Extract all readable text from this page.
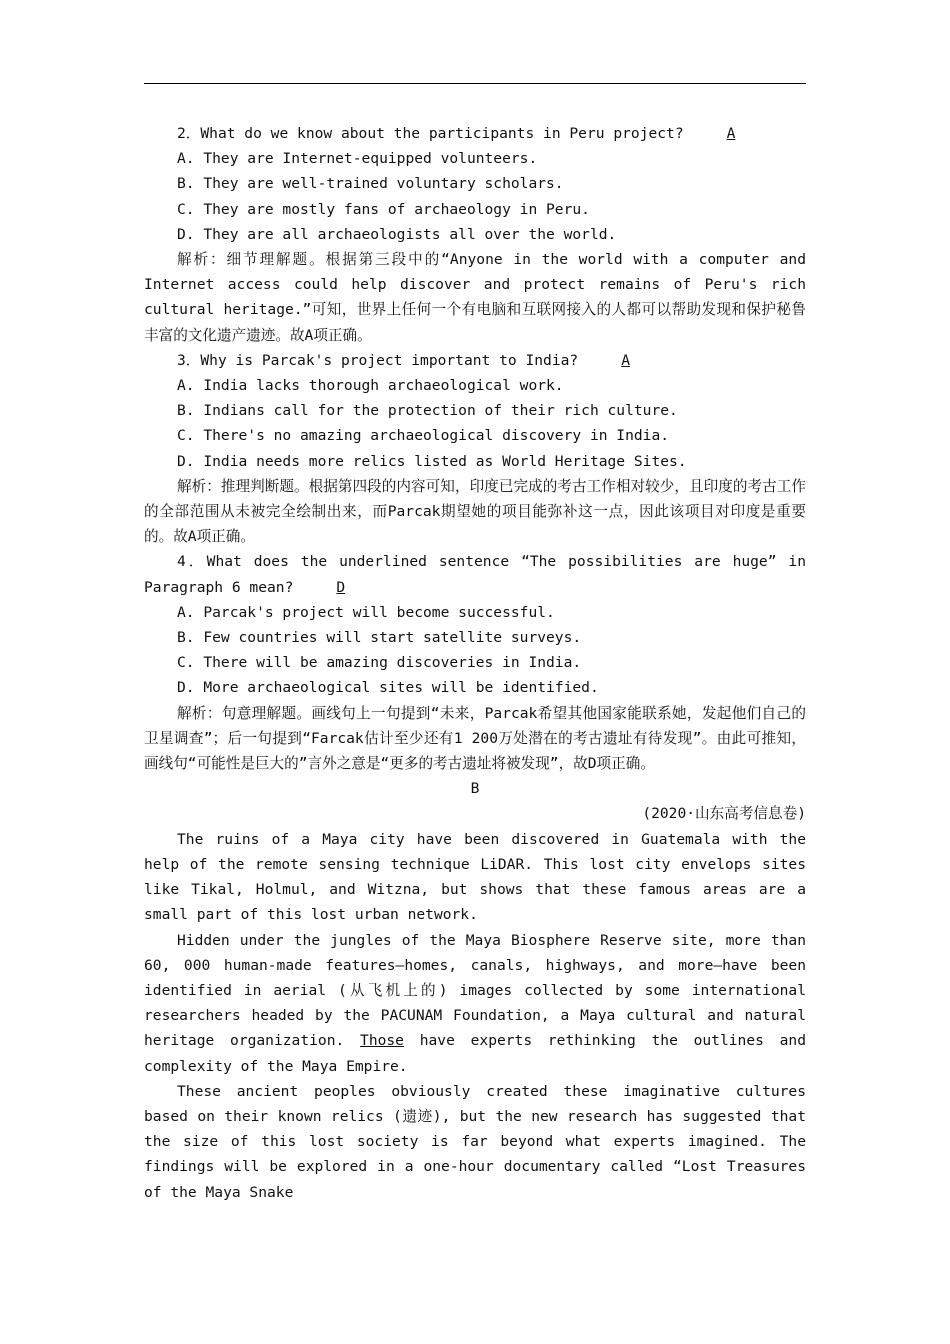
2．What do we know about the participants in Peru project?	A

A. They are Internet-equipped volunteers.

B. They are well-trained voluntary scholars.

C. They are mostly fans of archaeology in Peru.

D. They are all archaeologists all over the world.

解析：细节理解题。根据第三段中的“Anyone in the world with a computer and Internet access could help discover and protect remains of Peru's rich cultural heritage.”可知，世界上任何一个有电脑和互联网接入的人都可以帮助发现和保护秘鲁丰富的文化遗产遗迹。故A项正确。

3．Why is Parcak's project important to India?	A

A. India lacks thorough archaeological work.

B. Indians call for the protection of their rich culture.

C. There's no amazing archaeological discovery in India.

D. India needs more relics listed as World Heritage Sites.

解析：推理判断题。根据第四段的内容可知，印度已完成的考古工作相对较少，且印度的考古工作的全部范围从未被完全绘制出来，而Parcak期望她的项目能弥补这一点，因此该项目对印度是重要的。故A项正确。

4．What does the underlined sentence “The possibilities are huge” in Paragraph 6 mean?	D

A. Parcak's project will become successful.

B. Few countries will start satellite surveys.

C. There will be amazing discoveries in India.

D. More archaeological sites will be identified.

解析：句意理解题。画线句上一句提到“未来，Parcak希望其他国家能联系她，发起他们自己的卫星调查”；后一句提到“Farcak估计至少还有1 200万处潜在的考古遗址有待发现”。由此可推知，画线句“可能性是巨大的”言外之意是“更多的考古遗址将被发现”，故D项正确。

B

(2020·山东高考信息卷)

The ruins of a Maya city have been discovered in Guatemala with the help of the remote sensing technique LiDAR. This lost city envelops sites like Tikal, Holmul, and Witzna, but shows that these famous areas are a small part of this lost urban network.

Hidden under the jungles of the Maya Biosphere Reserve site, more than 60, 000 human-made features—homes, canals, highways, and more—have been identified in aerial (从飞机上的) images collected by some international researchers headed by the PACUNAM Foundation, a Maya cultural and natural heritage organization. Those have experts rethinking the outlines and complexity of the Maya Empire.

These ancient peoples obviously created these imaginative cultures based on their known relics (遗迹), but the new research has suggested that the size of this lost society is far beyond what experts imagined. The findings will be explored in a one-hour documentary called “Lost Treasures of the Maya Snake
